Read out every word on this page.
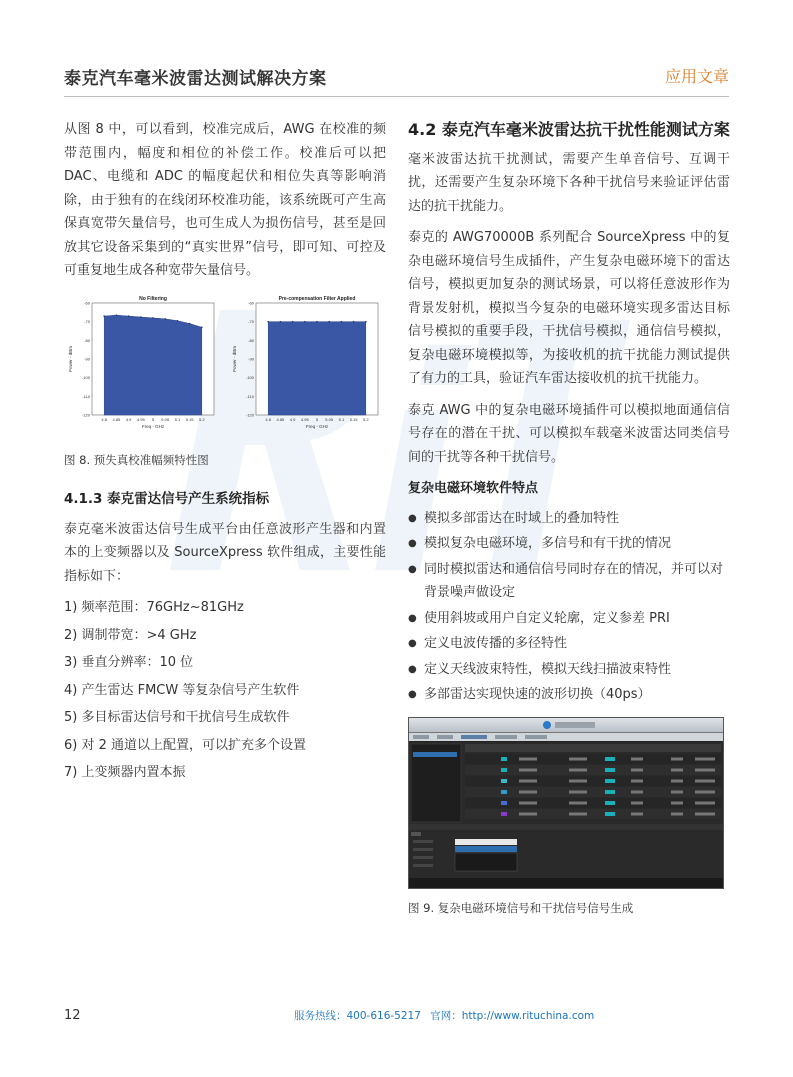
泰克汽车毫米波雷达测试解决方案	应用文章

从图 8 中，可以看到，校准完成后，AWG 在校准的频带范围内，幅度和相位的补偿工作。校准后可以把 DAC、电缆和 ADC 的幅度起伏和相位失真等影响消除，由于独有的在线闭环校准功能，该系统既可产生高保真宽带矢量信号，也可生成人为损伤信号，甚至是回放其它设备采集到的“真实世界”信号，即可知、可控及可重复地生成各种宽带矢量信号。

No Filtering
-60
-70
-80
-90
-100
-110
-120
4.8 4.85 4.9 4.95 5 5.05 5.1 5.15 5.2
Freq - GHz
Power - dBm
Pre-compensation Filter Applied
-60
-70
-80
-90
-100
-110
-120
4.8 4.85 4.9 4.95 5 5.05 5.1 5.15 5.2
Freq - GHz
Power - dBm
图 8. 预失真校准幅频特性图
4.1.3 泰克雷达信号产生系统指标

泰克毫米波雷达信号生成平台由任意波形产生器和内置本的上变频器以及 SourceXpress 软件组成，主要性能指标如下：

1) 频率范围：76GHz~81GHz
2) 调制带宽：>4 GHz
3) 垂直分辨率：10 位
4) 产生雷达 FMCW 等复杂信号产生软件
5) 多目标雷达信号和干扰信号生成软件
6) 对 2 通道以上配置，可以扩充多个设置
7) 上变频器内置本振
4.2 泰克汽车毫米波雷达抗干扰性能测试方案

毫米波雷达抗干扰测试，需要产生单音信号、互调干扰，还需要产生复杂环境下各种干扰信号来验证评估雷达的抗干扰能力。

泰克的 AWG70000B 系列配合 SourceXpress 中的复杂电磁环境信号生成插件，产生复杂电磁环境下的雷达信号，模拟更加复杂的测试场景，可以将任意波形作为背景发射机，模拟当今复杂的电磁环境实现多雷达目标信号模拟的重要手段，干扰信号模拟，通信信号模拟，复杂电磁环境模拟等，为接收机的抗干扰能力测试提供了有力的工具，验证汽车雷达接收机的抗干扰能力。

泰克 AWG 中的复杂电磁环境插件可以模拟地面通信信号存在的潜在干扰、可以模拟车载毫米波雷达同类信号间的干扰等各种干扰信号。

复杂电磁环境软件特点
● 模拟多部雷达在时域上的叠加特性
● 模拟复杂电磁环境，多信号和有干扰的情况
● 同时模拟雷达和通信信号同时存在的情况，并可以对背景噪声做设定
● 使用斜坡或用户自定义轮廓，定义参差 PRI
● 定义电波传播的多径特性
● 定义天线波束特性，模拟天线扫描波束特性
● 多部雷达实现快速的波形切换（40ps）
图 9. 复杂电磁环境信号和干扰信号信号生成
12	服务热线：400-616-5217 官网：http://www.rituchina.com
